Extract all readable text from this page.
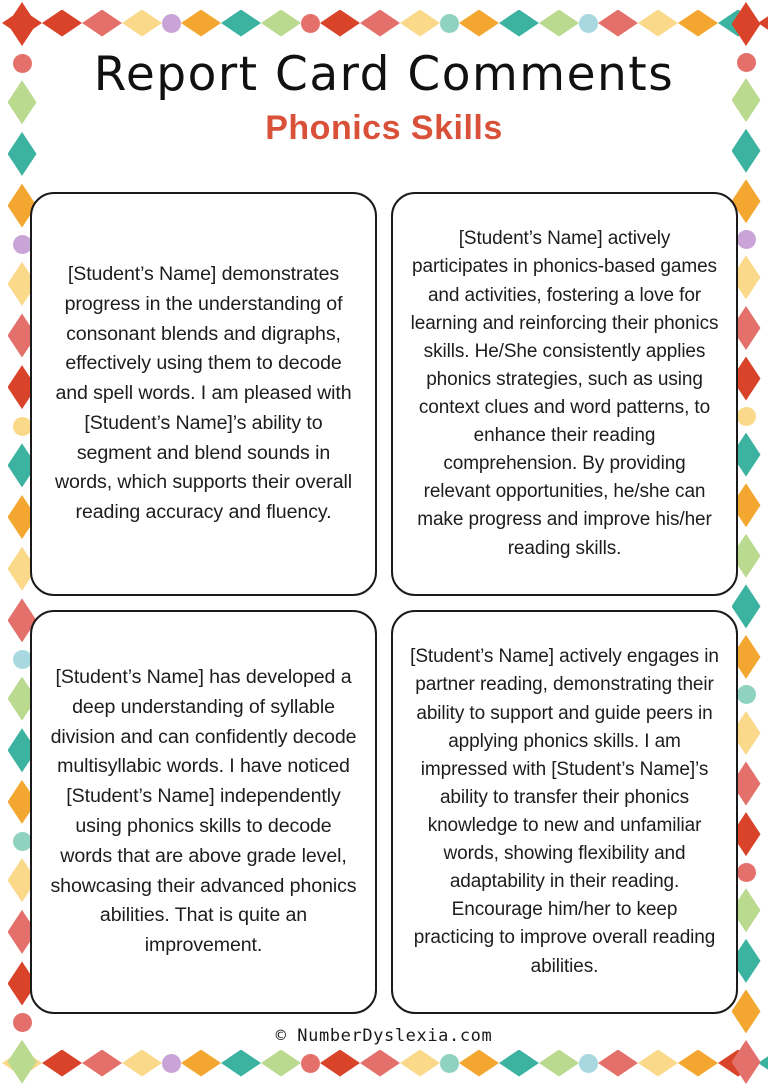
Report Card Comments
Phonics Skills

[Student’s Name] demonstrates progress in the understanding of consonant blends and digraphs, effectively using them to decode and spell words. I am pleased with [Student’s Name]’s ability to segment and blend sounds in words, which supports their overall reading accuracy and fluency.

[Student’s Name] actively participates in phonics-based games and activities, fostering a love for learning and reinforcing their phonics skills. He/She consistently applies phonics strategies, such as using context clues and word patterns, to enhance their reading comprehension. By providing relevant opportunities, he/she can make progress and improve his/her reading skills.

[Student’s Name] has developed a deep understanding of syllable division and can confidently decode multisyllabic words. I have noticed [Student’s Name] independently using phonics skills to decode words that are above grade level, showcasing their advanced phonics abilities. That is quite an improvement.

[Student’s Name] actively engages in partner reading, demonstrating their ability to support and guide peers in applying phonics skills. I am impressed with [Student’s Name]’s ability to transfer their phonics knowledge to new and unfamiliar words, showing flexibility and adaptability in their reading. Encourage him/her to keep practicing to improve overall reading abilities.

© NumberDyslexia.com
